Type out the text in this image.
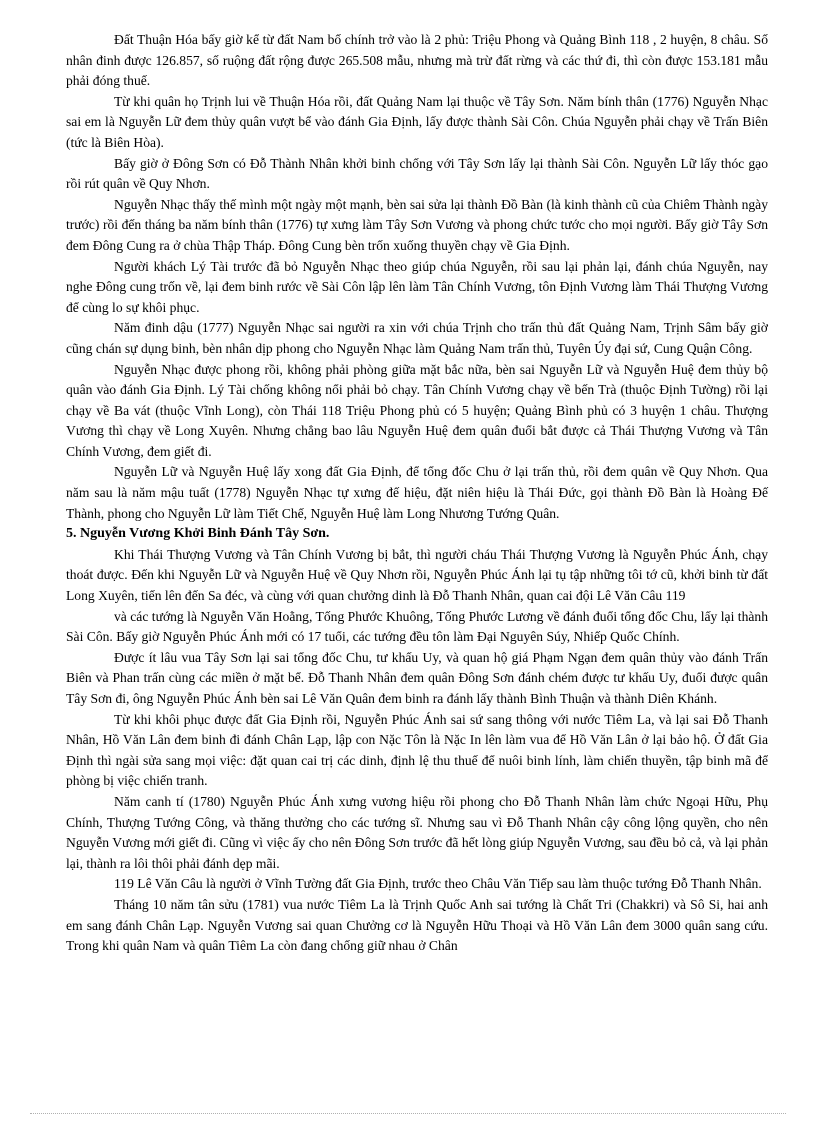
Đất Thuận Hóa bấy giờ kể từ đất Nam bố chính trở vào là 2 phủ: Triệu Phong và Quảng Bình 118 , 2 huyện, 8 châu. Số nhân đinh được 126.857, số ruộng đất rộng được 265.508 mẫu, nhưng mà trừ đất rừng và các thứ đi, thì còn được 153.181 mẫu phải đóng thuế.

Từ khi quân họ Trịnh lui về Thuận Hóa rồi, đất Quảng Nam lại thuộc về Tây Sơn. Năm bính thân (1776) Nguyễn Nhạc sai em là Nguyễn Lữ đem thủy quân vượt bể vào đánh Gia Định, lấy được thành Sài Côn. Chúa Nguyễn phải chạy về Trấn Biên (tức là Biên Hòa).

Bấy giờ ở Đông Sơn có Đỗ Thành Nhân khởi binh chống với Tây Sơn lấy lại thành Sài Côn. Nguyễn Lữ lấy thóc gạo rồi rút quân về Quy Nhơn.

Nguyễn Nhạc thấy thế mình một ngày một mạnh, bèn sai sửa lại thành Đồ Bàn (là kinh thành cũ của Chiêm Thành ngày trước) rồi đến tháng ba năm bính thân (1776) tự xưng làm Tây Sơn Vương và phong chức tước cho mọi người. Bấy giờ Tây Sơn đem Đông Cung ra ở chùa Thập Tháp. Đông Cung bèn trốn xuống thuyền chạy về Gia Định.

Người khách Lý Tài trước đã bỏ Nguyễn Nhạc theo giúp chúa Nguyễn, rồi sau lại phản lại, đánh chúa Nguyễn, nay nghe Đông cung trốn về, lại đem binh rước về Sài Côn lập lên làm Tân Chính Vương, tôn Định Vương làm Thái Thượng Vương để cùng lo sự khôi phục.

Năm đinh dậu (1777) Nguyễn Nhạc sai người ra xin với chúa Trịnh cho trấn thủ đất Quảng Nam, Trịnh Sâm bấy giờ cũng chán sự dụng binh, bèn nhân dịp phong cho Nguyễn Nhạc làm Quảng Nam trấn thủ, Tuyên Úy đại sứ, Cung Quận Công.

Nguyễn Nhạc được phong rồi, không phải phòng giữa mặt bắc nữa, bèn sai Nguyễn Lữ và Nguyễn Huệ đem thủy bộ quân vào đánh Gia Định. Lý Tài chống không nổi phải bỏ chạy. Tân Chính Vương chạy về bến Trà (thuộc Định Tường) rồi lại chạy về Ba vát (thuộc Vĩnh Long), còn Thái 118 Triệu Phong phủ có 5 huyện; Quảng Bình phủ có 3 huyện 1 châu. Thượng Vương thì chạy về Long Xuyên. Nhưng chẳng bao lâu Nguyễn Huệ đem quân đuổi bắt được cả Thái Thượng Vương và Tân Chính Vương, đem giết đi.

Nguyễn Lữ và Nguyễn Huệ lấy xong đất Gia Định, để tổng đốc Chu ở lại trấn thủ, rồi đem quân về Quy Nhơn. Qua năm sau là năm mậu tuất (1778) Nguyễn Nhạc tự xưng đế hiệu, đặt niên hiệu là Thái Đức, gọi thành Đồ Bàn là Hoàng Đế Thành, phong cho Nguyễn Lữ làm Tiết Chế, Nguyễn Huệ làm Long Nhương Tướng Quân.

5. Nguyễn Vương Khởi Binh Đánh Tây Sơn.

Khi Thái Thượng Vương và Tân Chính Vương bị bắt, thì người cháu Thái Thượng Vương là Nguyễn Phúc Ánh, chạy thoát được. Đến khi Nguyễn Lữ và Nguyễn Huệ về Quy Nhơn rồi, Nguyễn Phúc Ánh lại tụ tập những tôi tớ cũ, khởi binh từ đất Long Xuyên, tiến lên đến Sa đéc, và cùng với quan chưởng dinh là Đỗ Thanh Nhân, quan cai đội Lê Văn Câu 119

và các tướng là Nguyễn Văn Hoằng, Tống Phước Khuông, Tống Phước Lương về đánh đuổi tổng đốc Chu, lấy lại thành Sài Côn. Bấy giờ Nguyễn Phúc Ánh mới có 17 tuổi, các tướng đều tôn làm Đại Nguyên Súy, Nhiếp Quốc Chính.

Được ít lâu vua Tây Sơn lại sai tổng đốc Chu, tư khấu Uy, và quan hộ giá Phạm Ngạn đem quân thủy vào đánh Trấn Biên và Phan trấn cùng các miền ở mặt bể. Đỗ Thanh Nhân đem quân Đông Sơn đánh chém được tư khấu Uy, đuổi được quân Tây Sơn đi, ông Nguyễn Phúc Ánh bèn sai Lê Văn Quân đem binh ra đánh lấy thành Bình Thuận và thành Diên Khánh.

Từ khi khôi phục được đất Gia Định rồi, Nguyễn Phúc Ánh sai sứ sang thông với nước Tiêm La, và lại sai Đỗ Thanh Nhân, Hồ Văn Lân đem binh đi đánh Chân Lạp, lập con Nặc Tôn là Nặc In lên làm vua để Hồ Văn Lân ở lại bảo hộ. Ở đất Gia Định thì ngài sửa sang mọi việc: đặt quan cai trị các dinh, định lệ thu thuế để nuôi binh lính, làm chiến thuyền, tập binh mã để phòng bị việc chiến tranh.

Năm canh tí (1780) Nguyễn Phúc Ánh xưng vương hiệu rồi phong cho Đỗ Thanh Nhân làm chức Ngoại Hữu, Phụ Chính, Thượng Tướng Công, và thăng thưởng cho các tướng sĩ. Nhưng sau vì Đỗ Thanh Nhân cậy công lộng quyền, cho nên Nguyễn Vương mới giết đi. Cũng vì việc ấy cho nên Đông Sơn trước đã hết lòng giúp Nguyễn Vương, sau đều bỏ cả, và lại phản lại, thành ra lôi thôi phải đánh dẹp mãi.

119 Lê Văn Câu là người ở Vĩnh Tường đất Gia Định, trước theo Châu Văn Tiếp sau làm thuộc tướng Đỗ Thanh Nhân.

Tháng 10 năm tân sửu (1781) vua nước Tiêm La là Trịnh Quốc Anh sai tướng là Chất Tri (Chakkri) và Sô Si, hai anh em sang đánh Chân Lạp. Nguyễn Vương sai quan Chưởng cơ là Nguyễn Hữu Thoại và Hồ Văn Lân đem 3000 quân sang cứu. Trong khi quân Nam và quân Tiêm La còn đang chống giữ nhau ở Chân
